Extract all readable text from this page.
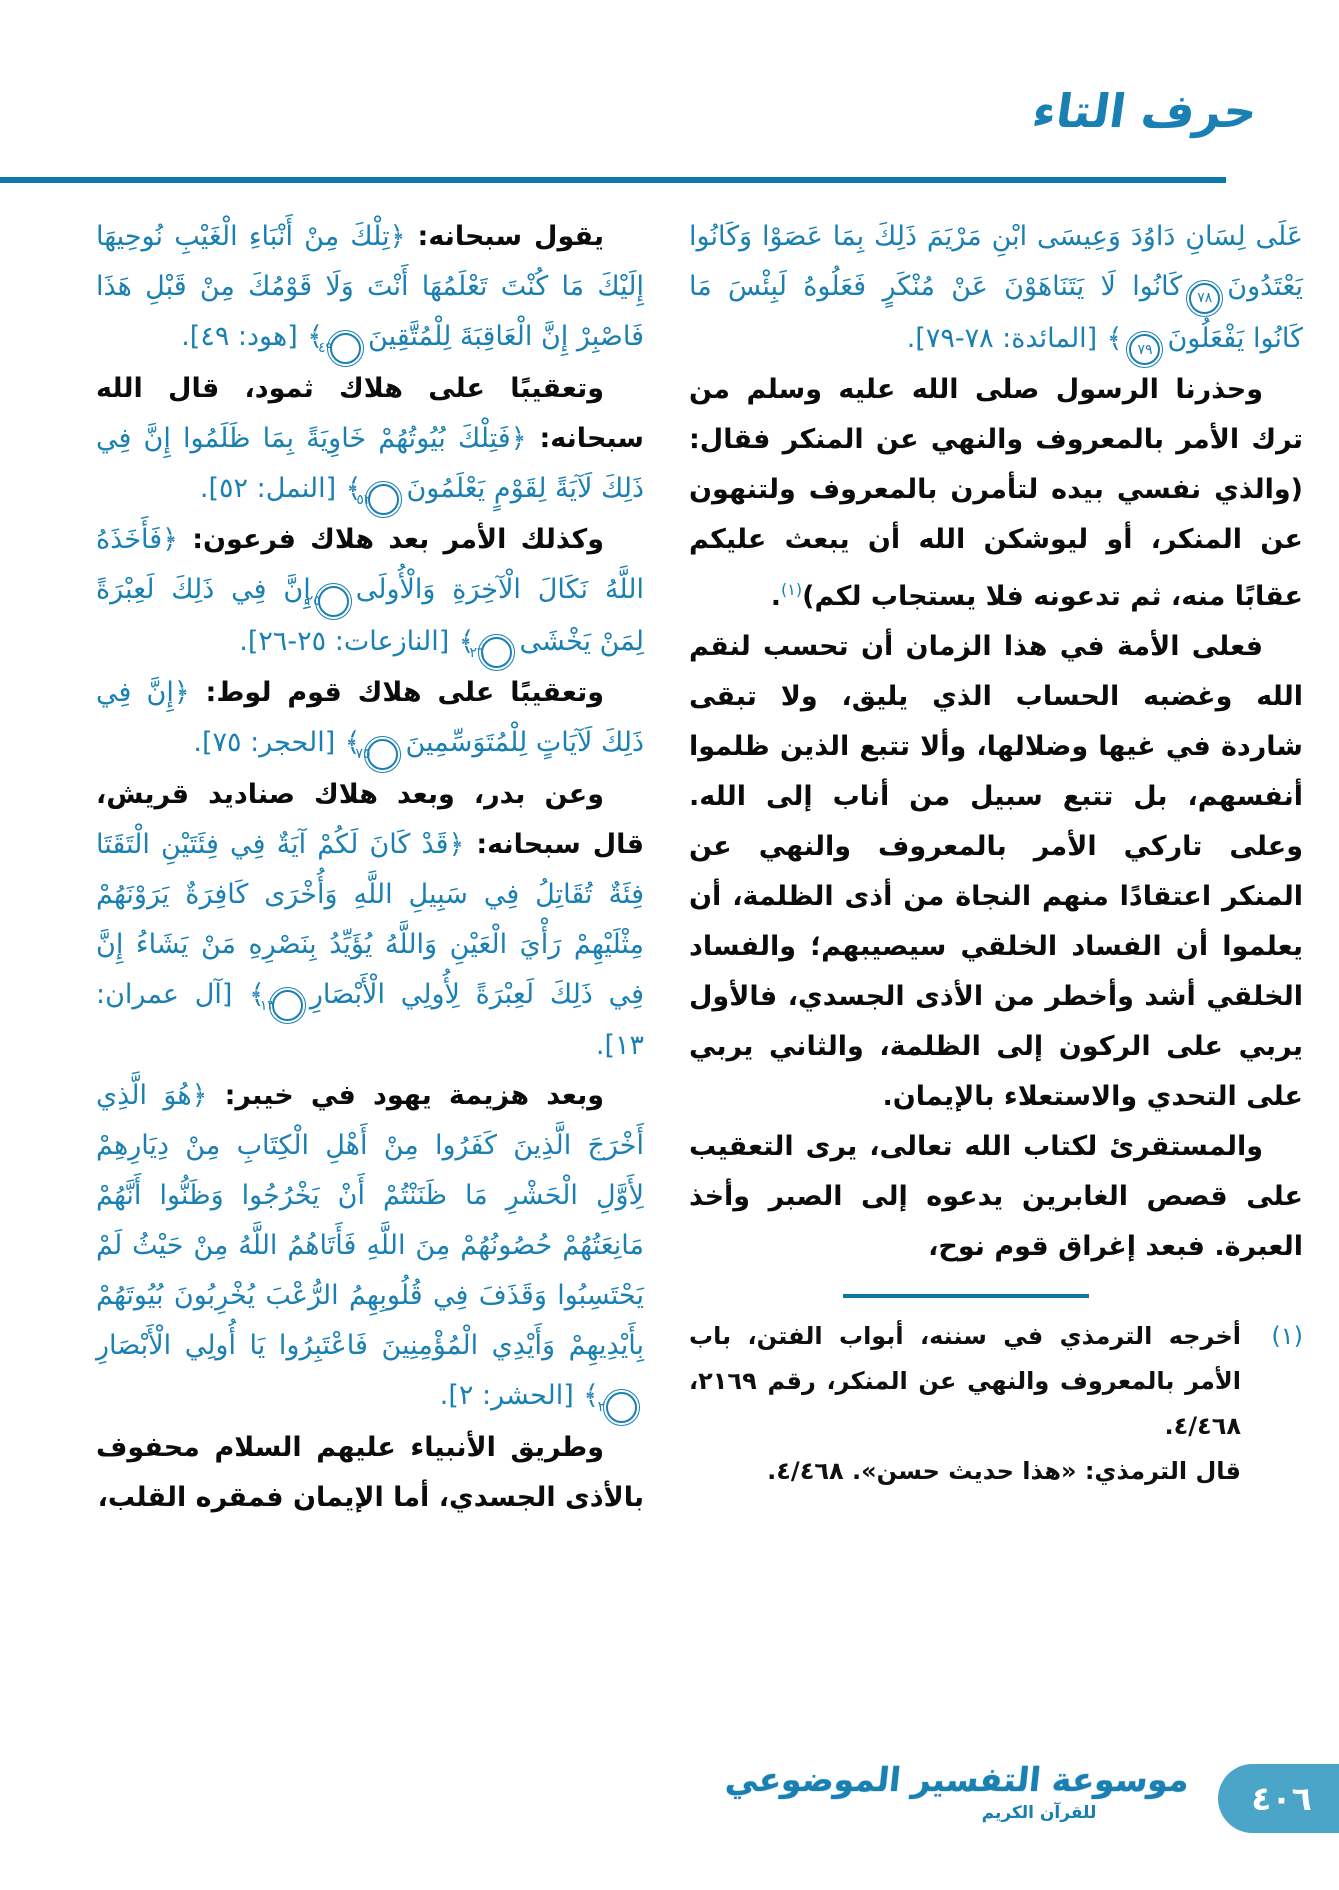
حرف التاء

عَلَى لِسَانِ دَاوُدَ وَعِيسَى ابْنِ مَرْيَمَ ذَلِكَ بِمَا عَصَوْا وَكَانُوا يَعْتَدُونَ٧٨كَانُوا لَا يَتَنَاهَوْنَ عَنْ مُنْكَرٍ فَعَلُوهُ لَبِئْسَ مَا كَانُوا يَفْعَلُونَ٧٩﴾ [المائدة: ٧٨-٧٩].

وحذرنا الرسول صلى الله عليه وسلم من ترك الأمر بالمعروف والنهي عن المنكر فقال: (والذي نفسي بيده لتأمرن بالمعروف ولتنهون عن المنكر، أو ليوشكن الله أن يبعث عليكم عقابًا منه، ثم تدعونه فلا يستجاب لكم)$^{(١)}$.

فعلى الأمة في هذا الزمان أن تحسب لنقم الله وغضبه الحساب الذي يليق، ولا تبقى شاردة في غيها وضلالها، وألا تتبع الذين ظلموا أنفسهم، بل تتبع سبيل من أناب إلى الله. وعلى تاركي الأمر بالمعروف والنهي عن المنكر اعتقادًا منهم النجاة من أذى الظلمة، أن يعلموا أن الفساد الخلقي سيصيبهم؛ والفساد الخلقي أشد وأخطر من الأذى الجسدي، فالأول يربي على الركون إلى الظلمة، والثاني يربي على التحدي والاستعلاء بالإيمان.

والمستقرئ لكتاب الله تعالى، يرى التعقيب على قصص الغابرين يدعوه إلى الصبر وأخذ العبرة. فبعد إغراق قوم نوح،

(١)
أخرجه الترمذي في سننه، أبواب الفتن، باب الأمر بالمعروف والنهي عن المنكر، رقم ٢١٦٩، ٤/٤٦٨.
قال الترمذي: «هذا حديث حسن». ٤/٤٦٨.

يقول سبحانه: ﴿تِلْكَ مِنْ أَنْبَاءِ الْغَيْبِ نُوحِيهَا إِلَيْكَ مَا كُنْتَ تَعْلَمُهَا أَنْتَ وَلَا قَوْمُكَ مِنْ قَبْلِ هَذَا فَاصْبِرْ إِنَّ الْعَاقِبَةَ لِلْمُتَّقِينَ٤٩﴾ [هود: ٤٩].

وتعقيبًا على هلاك ثمود، قال الله سبحانه: ﴿فَتِلْكَ بُيُوتُهُمْ خَاوِيَةً بِمَا ظَلَمُوا إِنَّ فِي ذَلِكَ لَآيَةً لِقَوْمٍ يَعْلَمُونَ٥٢﴾ [النمل: ٥٢].

وكذلك الأمر بعد هلاك فرعون: ﴿فَأَخَذَهُ اللَّهُ نَكَالَ الْآخِرَةِ وَالْأُولَى٢٥إِنَّ فِي ذَلِكَ لَعِبْرَةً لِمَنْ يَخْشَى٢٦﴾ [النازعات: ٢٥-٢٦].

وتعقيبًا على هلاك قوم لوط: ﴿إِنَّ فِي ذَلِكَ لَآيَاتٍ لِلْمُتَوَسِّمِينَ٧٥﴾ [الحجر: ٧٥].

وعن بدر، وبعد هلاك صناديد قريش، قال سبحانه: ﴿قَدْ كَانَ لَكُمْ آيَةٌ فِي فِئَتَيْنِ الْتَقَتَا فِئَةٌ تُقَاتِلُ فِي سَبِيلِ اللَّهِ وَأُخْرَى كَافِرَةٌ يَرَوْنَهُمْ مِثْلَيْهِمْ رَأْيَ الْعَيْنِ وَاللَّهُ يُؤَيِّدُ بِنَصْرِهِ مَنْ يَشَاءُ إِنَّ فِي ذَلِكَ لَعِبْرَةً لِأُولِي الْأَبْصَارِ١٣﴾ [آل عمران: ١٣].

وبعد هزيمة يهود في خيبر: ﴿هُوَ الَّذِي أَخْرَجَ الَّذِينَ كَفَرُوا مِنْ أَهْلِ الْكِتَابِ مِنْ دِيَارِهِمْ لِأَوَّلِ الْحَشْرِ مَا ظَنَنْتُمْ أَنْ يَخْرُجُوا وَظَنُّوا أَنَّهُمْ مَانِعَتُهُمْ حُصُونُهُمْ مِنَ اللَّهِ فَأَتَاهُمُ اللَّهُ مِنْ حَيْثُ لَمْ يَحْتَسِبُوا وَقَذَفَ فِي قُلُوبِهِمُ الرُّعْبَ يُخْرِبُونَ بُيُوتَهُمْ بِأَيْدِيهِمْ وَأَيْدِي الْمُؤْمِنِينَ فَاعْتَبِرُوا يَا أُولِي الْأَبْصَارِ٢﴾ [الحشر: ٢].

وطريق الأنبياء عليهم السلام محفوف بالأذى الجسدي، أما الإيمان فمقره القلب،

موسوعة التفسير الموضوعي
للقرآن الكريم	٤٠٦
